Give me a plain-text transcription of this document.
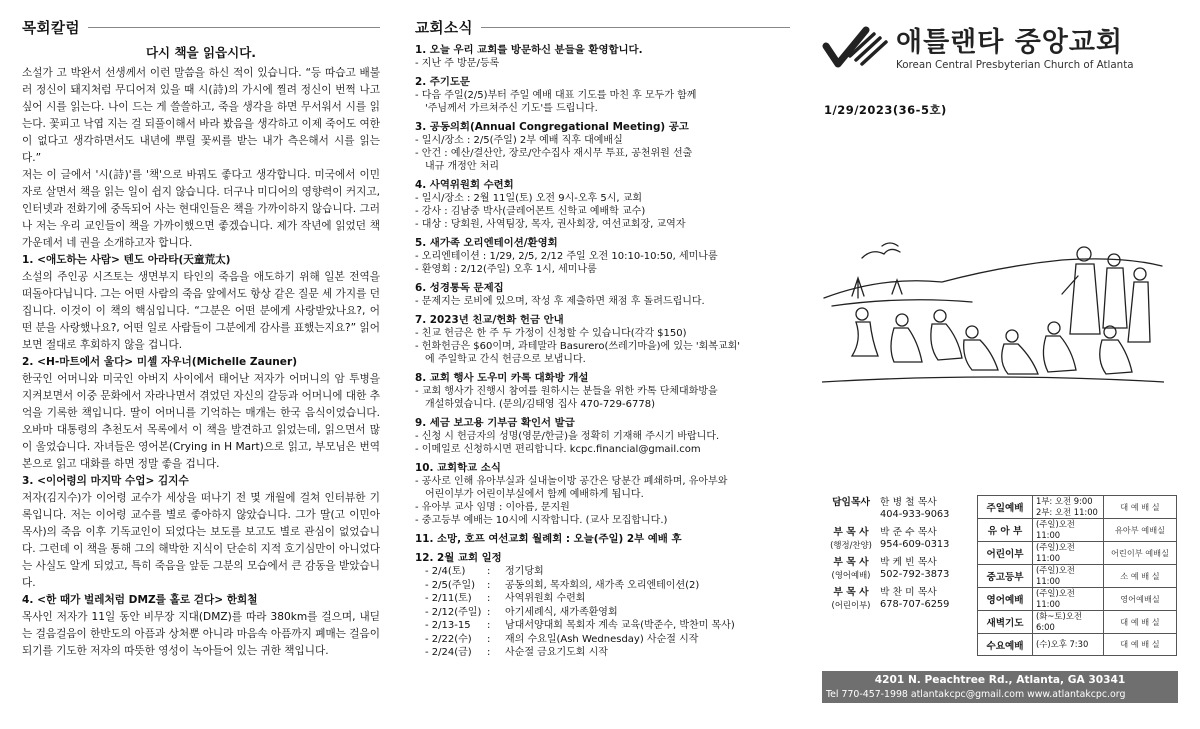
목회칼럼
다시 책을 읽읍시다.

소설가 고 박완서 선생께서 이런 말씀을 하신 적이 있습니다. “등 따습고 배불러 정신이 돼지처럼 무디어져 있을 때 시(詩)의 가시에 찔려 정신이 번쩍 나고 싶어 시를 읽는다. 나이 드는 게 쓸쓸하고, 죽을 생각을 하면 무서워서 시를 읽는다. 꽃피고 낙엽 지는 걸 되풀이해서 바라 봤음을 생각하고 이제 죽어도 여한이 없다고 생각하면서도 내년에 뿌릴 꽃씨를 받는 내가 측은해서 시를 읽는다.”

저는 이 글에서 '시(詩)'를 '책'으로 바꿔도 좋다고 생각합니다. 미국에서 이민자로 살면서 책을 읽는 일이 쉽지 않습니다. 더구나 미디어의 영향력이 커지고, 인터넷과 전화기에 중독되어 사는 현대인들은 책을 가까이하지 않습니다. 그러나 저는 우리 교인들이 책을 가까이했으면 좋겠습니다. 제가 작년에 읽었던 책 가운데서 네 권을 소개하고자 합니다.

1. <애도하는 사람> 텐도 아라타(天童荒太)

소설의 주인공 시즈토는 생면부지 타인의 죽음을 애도하기 위해 일본 전역을 떠돌아다닙니다. 그는 어떤 사람의 죽음 앞에서도 항상 같은 질문 세 가지를 던집니다. 이것이 이 책의 핵심입니다. “그분은 어떤 분에게 사랑받았나요?, 어떤 분을 사랑했나요?, 어떤 일로 사람들이 그분에게 감사를 표했는지요?” 읽어보면 절대로 후회하지 않을 겁니다.

2. <H-마트에서 울다> 미셸 자우너(Michelle Zauner)

한국인 어머니와 미국인 아버지 사이에서 태어난 저자가 어머니의 암 투병을 지켜보면서 이중 문화에서 자라나면서 겪었던 자신의 갈등과 어머니에 대한 추억을 기록한 책입니다. 딸이 어머니를 기억하는 매개는 한국 음식이었습니다. 오바마 대통령의 추천도서 목록에서 이 책을 발견하고 읽었는데, 읽으면서 많이 울었습니다. 자녀들은 영어본(Crying in H Mart)으로 읽고, 부모님은 번역본으로 읽고 대화를 하면 정말 좋을 겁니다.

3. <이어령의 마지막 수업> 김지수

저자(김지수)가 이어령 교수가 세상을 떠나기 전 몇 개월에 걸쳐 인터뷰한 기록입니다. 저는 이어령 교수를 별로 좋아하지 않았습니다. 그가 딸(고 이민아 목사)의 죽음 이후 기독교인이 되었다는 보도를 보고도 별로 관심이 없었습니다. 그런데 이 책을 통해 그의 해박한 지식이 단순히 지적 호기심만이 아니었다는 사실도 알게 되었고, 특히 죽음을 앞둔 그분의 모습에서 큰 감동을 받았습니다.

4. <한 때가 벌레처럼 DMZ를 홀로 걷다> 한희철

목사인 저자가 11일 동안 비무장 지대(DMZ)를 따라 380km를 걸으며, 내딛는 걸음걸음이 한반도의 아픔과 상처뿐 아니라 마음속 아픔까지 폐매는 걸음이 되기를 기도한 저자의 따뜻한 영성이 녹아들어 있는 귀한 책입니다.

교회소식
1. 오늘 우리 교회를 방문하신 분들을 환영합니다.
- 지난 주 방문/등록
2. 주기도문
- 다음 주일(2/5)부터 주일 예배 대표 기도를 마친 후 모두가 함께
'주님께서 가르쳐주신 기도'를 드립니다.
3. 공동의회(Annual Congregational Meeting) 공고
- 일시/장소 : 2/5(주일) 2부 예배 직후 대예배실
- 안건 : 예산/결산안, 장로/안수집사 재시무 투표, 공천위원 선출
내규 개정안 처리
4. 사역위원회 수련회
- 일시/장소 : 2월 11일(토) 오전 9시-오후 5시, 교회
- 강사 : 김남중 박사(클레어몬트 신학교 예배학 교수)
- 대상 : 당회원, 사역팀장, 목자, 권사회장, 여선교회장, 교역자
5. 새가족 오리엔테이션/환영회
- 오리엔테이션 : 1/29, 2/5, 2/12 주일 오전 10:10-10:50, 세미나룸
- 환영회 : 2/12(주일) 오후 1시, 세미나룸
6. 성경통독 문제집
- 문제지는 로비에 있으며, 작성 후 제출하면 채점 후 돌려드립니다.
7. 2023년 친교/헌화 헌금 안내
- 친교 헌금은 한 주 두 가정이 신청할 수 있습니다(각각 $150)
- 헌화헌금은 $60이며, 과테말라 Basurero(쓰레기마을)에 있는 '회복교회'
에 주일학교 간식 헌금으로 보냅니다.
8. 교회 행사 도우미 카톡 대화방 개설
- 교회 행사가 진행시 참여를 원하시는 분들을 위한 카톡 단체대화방을
개설하였습니다. (문의/김태영 집사 470-729-6778)
9. 세금 보고용 기부금 확인서 발급
- 신청 시 헌금자의 성명(영문/한글)을 정확히 기재해 주시기 바랍니다.
- 이메일로 신청하시면 편리합니다. kcpc.financial@gmail.com
10. 교회학교 소식
- 공사로 인해 유아부실과 실내놀이방 공간은 당분간 폐쇄하며, 유아부와
어린이부가 어린이부실에서 함께 예배하게 됩니다.
- 유아부 교사 임명 : 이아름, 문지원
- 중고등부 예배는 10시에 시작합니다. (교사 모집합니다.)
11. 소망, 호프 여선교회 월례회 : 오늘(주일) 2부 예배 후
12. 2월 교회 일정
- 2/4(토)	:	정기당회
- 2/5(주일)	:	공동의회, 목자회의, 새가족 오리엔테이션(2)
- 2/11(토)	:	사역위원회 수련회
- 2/12(주일) :	아기세례식, 새가족환영회
- 2/13-15	:	남대서양대회 목회자 계속 교육(박준수, 박찬미 목사)
- 2/22(수)	:	재의 수요일(Ash Wednesday) 사순절 시작
- 2/24(금)	:	사순절 금요기도회 시작
애틀랜타 중앙교회
Korean Central Presbyterian Church of Atlanta
1/29/2023(36-5호)
담임목사	한 병 철 목사
404-933-9063
부 목 사
(행정/찬양)
박 준 수 목사
954-609-0313
부 목 사
(영어예배)
박 케 빈 목사
502-792-3873
부 목 사
(어린이부)
박 찬 미 목사
678-707-6259
주일예배	1부: 오전 9:00
2부: 오전 11:00	대 예 배 실
유 아 부	(주일)오전 11:00	유아부 예배실
어린이부	(주일)오전 11:00	어린이부 예배실
중고등부	(주일)오전 11:00	소 예 배 실
영어예배	(주일)오전 11:00	영어예배실
새벽기도	(화~토)오전 6:00	대 예 배 실
수요예배	(수)오후 7:30	대 예 배 실
4201 N. Peachtree Rd., Atlanta, GA 30341
Tel 770-457-1998 atlantakcpc@gmail.com www.atlantakcpc.org
